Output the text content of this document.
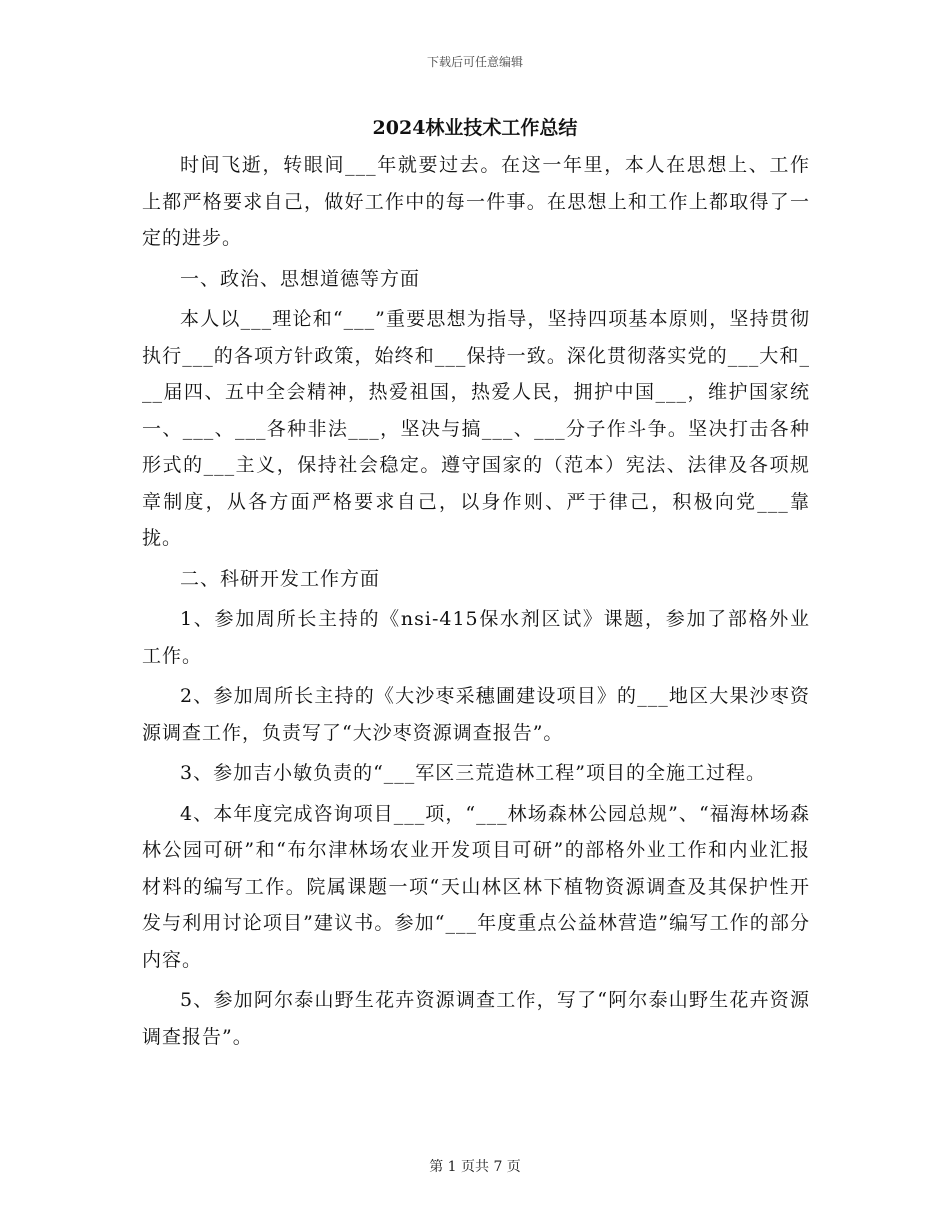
下载后可任意编辑
2024林业技术工作总结

时间飞逝，转眼间___年就要过去。在这一年里，本人在思想上、工作上都严格要求自己，做好工作中的每一件事。在思想上和工作上都取得了一定的进步。

一、政治、思想道德等方面

本人以___理论和“___”重要思想为指导，坚持四项基本原则，坚持贯彻执行___的各项方针政策，始终和___保持一致。深化贯彻落实党的___大和___届四、五中全会精神，热爱祖国，热爱人民，拥护中国___，维护国家统一、___、___各种非法___，坚决与搞___、___分子作斗争。坚决打击各种形式的___主义，保持社会稳定。遵守国家的（范本）宪法、法律及各项规章制度，从各方面严格要求自己，以身作则、严于律己，积极向党___靠拢。

二、科研开发工作方面

1、参加周所长主持的《nsi-415保水剂区试》课题，参加了部格外业工作。

2、参加周所长主持的《大沙枣采穗圃建设项目》的___地区大果沙枣资源调查工作，负责写了“大沙枣资源调查报告”。

3、参加吉小敏负责的“___军区三荒造林工程”项目的全施工过程。

4、本年度完成咨询项目___项，“___林场森林公园总规”、“福海林场森林公园可研”和“布尔津林场农业开发项目可研”的部格外业工作和内业汇报材料的编写工作。院属课题一项“天山林区林下植物资源调查及其保护性开发与利用讨论项目”建议书。参加“___年度重点公益林营造”编写工作的部分内容。

5、参加阿尔泰山野生花卉资源调查工作，写了“阿尔泰山野生花卉资源调查报告”。

第 1 页共 7 页
